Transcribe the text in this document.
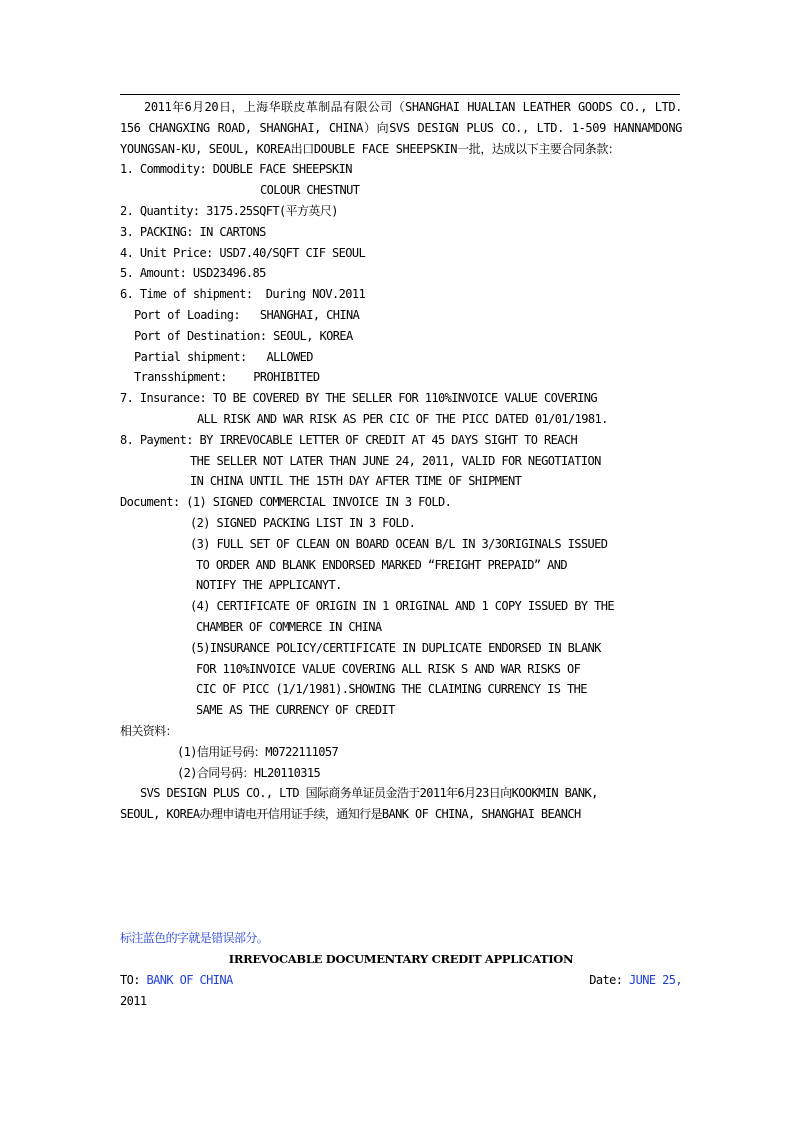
2011年6月20日，上海华联皮革制品有限公司（SHANGHAI HUALIAN LEATHER GOODS CO., LTD. 156 CHANGXING ROAD, SHANGHAI, CHINA）向SVS DESIGN PLUS CO., LTD. 1-509 HANNAMDONG YOUNGSAN-KU, SEOUL, KOREA出口DOUBLE FACE SHEEPSKIN一批，达成以下主要合同条款：

1. Commodity: DOUBLE FACE SHEEPSKIN

COLOUR CHESTNUT

2. Quantity: 3175.25SQFT(平方英尺)

3. PACKING: IN CARTONS

4. Unit Price: USD7.40/SQFT CIF SEOUL

5. Amount: USD23496.85

6. Time of shipment:  During NOV.2011

Port of Loading:   SHANGHAI, CHINA

Port of Destination: SEOUL, KOREA

Partial shipment:   ALLOWED

Transshipment:    PROHIBITED

7. Insurance: TO BE COVERED BY THE SELLER FOR 110%INVOICE VALUE COVERING

ALL RISK AND WAR RISK AS PER CIC OF THE PICC DATED 01/01/1981.

8. Payment: BY IRREVOCABLE LETTER OF CREDIT AT 45 DAYS SIGHT TO REACH

THE SELLER NOT LATER THAN JUNE 24, 2011, VALID FOR NEGOTIATION

IN CHINA UNTIL THE 15TH DAY AFTER TIME OF SHIPMENT

Document: (1) SIGNED COMMERCIAL INVOICE IN 3 FOLD.

(2) SIGNED PACKING LIST IN 3 FOLD.

(3) FULL SET OF CLEAN ON BOARD OCEAN B/L IN 3/3ORIGINALS ISSUED

TO ORDER AND BLANK ENDORSED MARKED “FREIGHT PREPAID” AND

NOTIFY THE APPLICANYT.

(4) CERTIFICATE OF ORIGIN IN 1 ORIGINAL AND 1 COPY ISSUED BY THE

CHAMBER OF COMMERCE IN CHINA

(5)INSURANCE POLICY/CERTIFICATE IN DUPLICATE ENDORSED IN BLANK

FOR 110%INVOICE VALUE COVERING ALL RISK S AND WAR RISKS OF

CIC OF PICC (1/1/1981).SHOWING THE CLAIMING CURRENCY IS THE

SAME AS THE CURRENCY OF CREDIT

相关资料：

(1)信用证号码：M0722111057

(2)合同号码：HL20110315

SVS DESIGN PLUS CO., LTD 国际商务单证员金浩于2011年6月23日向KOOKMIN BANK,

SEOUL, KOREA办理申请电开信用证手续，通知行是BANK OF CHINA, SHANGHAI BEANCH

标注蓝色的字就是错误部分。

IRREVOCABLE DOCUMENTARY CREDIT APPLICATION

TO: BANK OF CHINA	Date: JUNE 25,

2011
